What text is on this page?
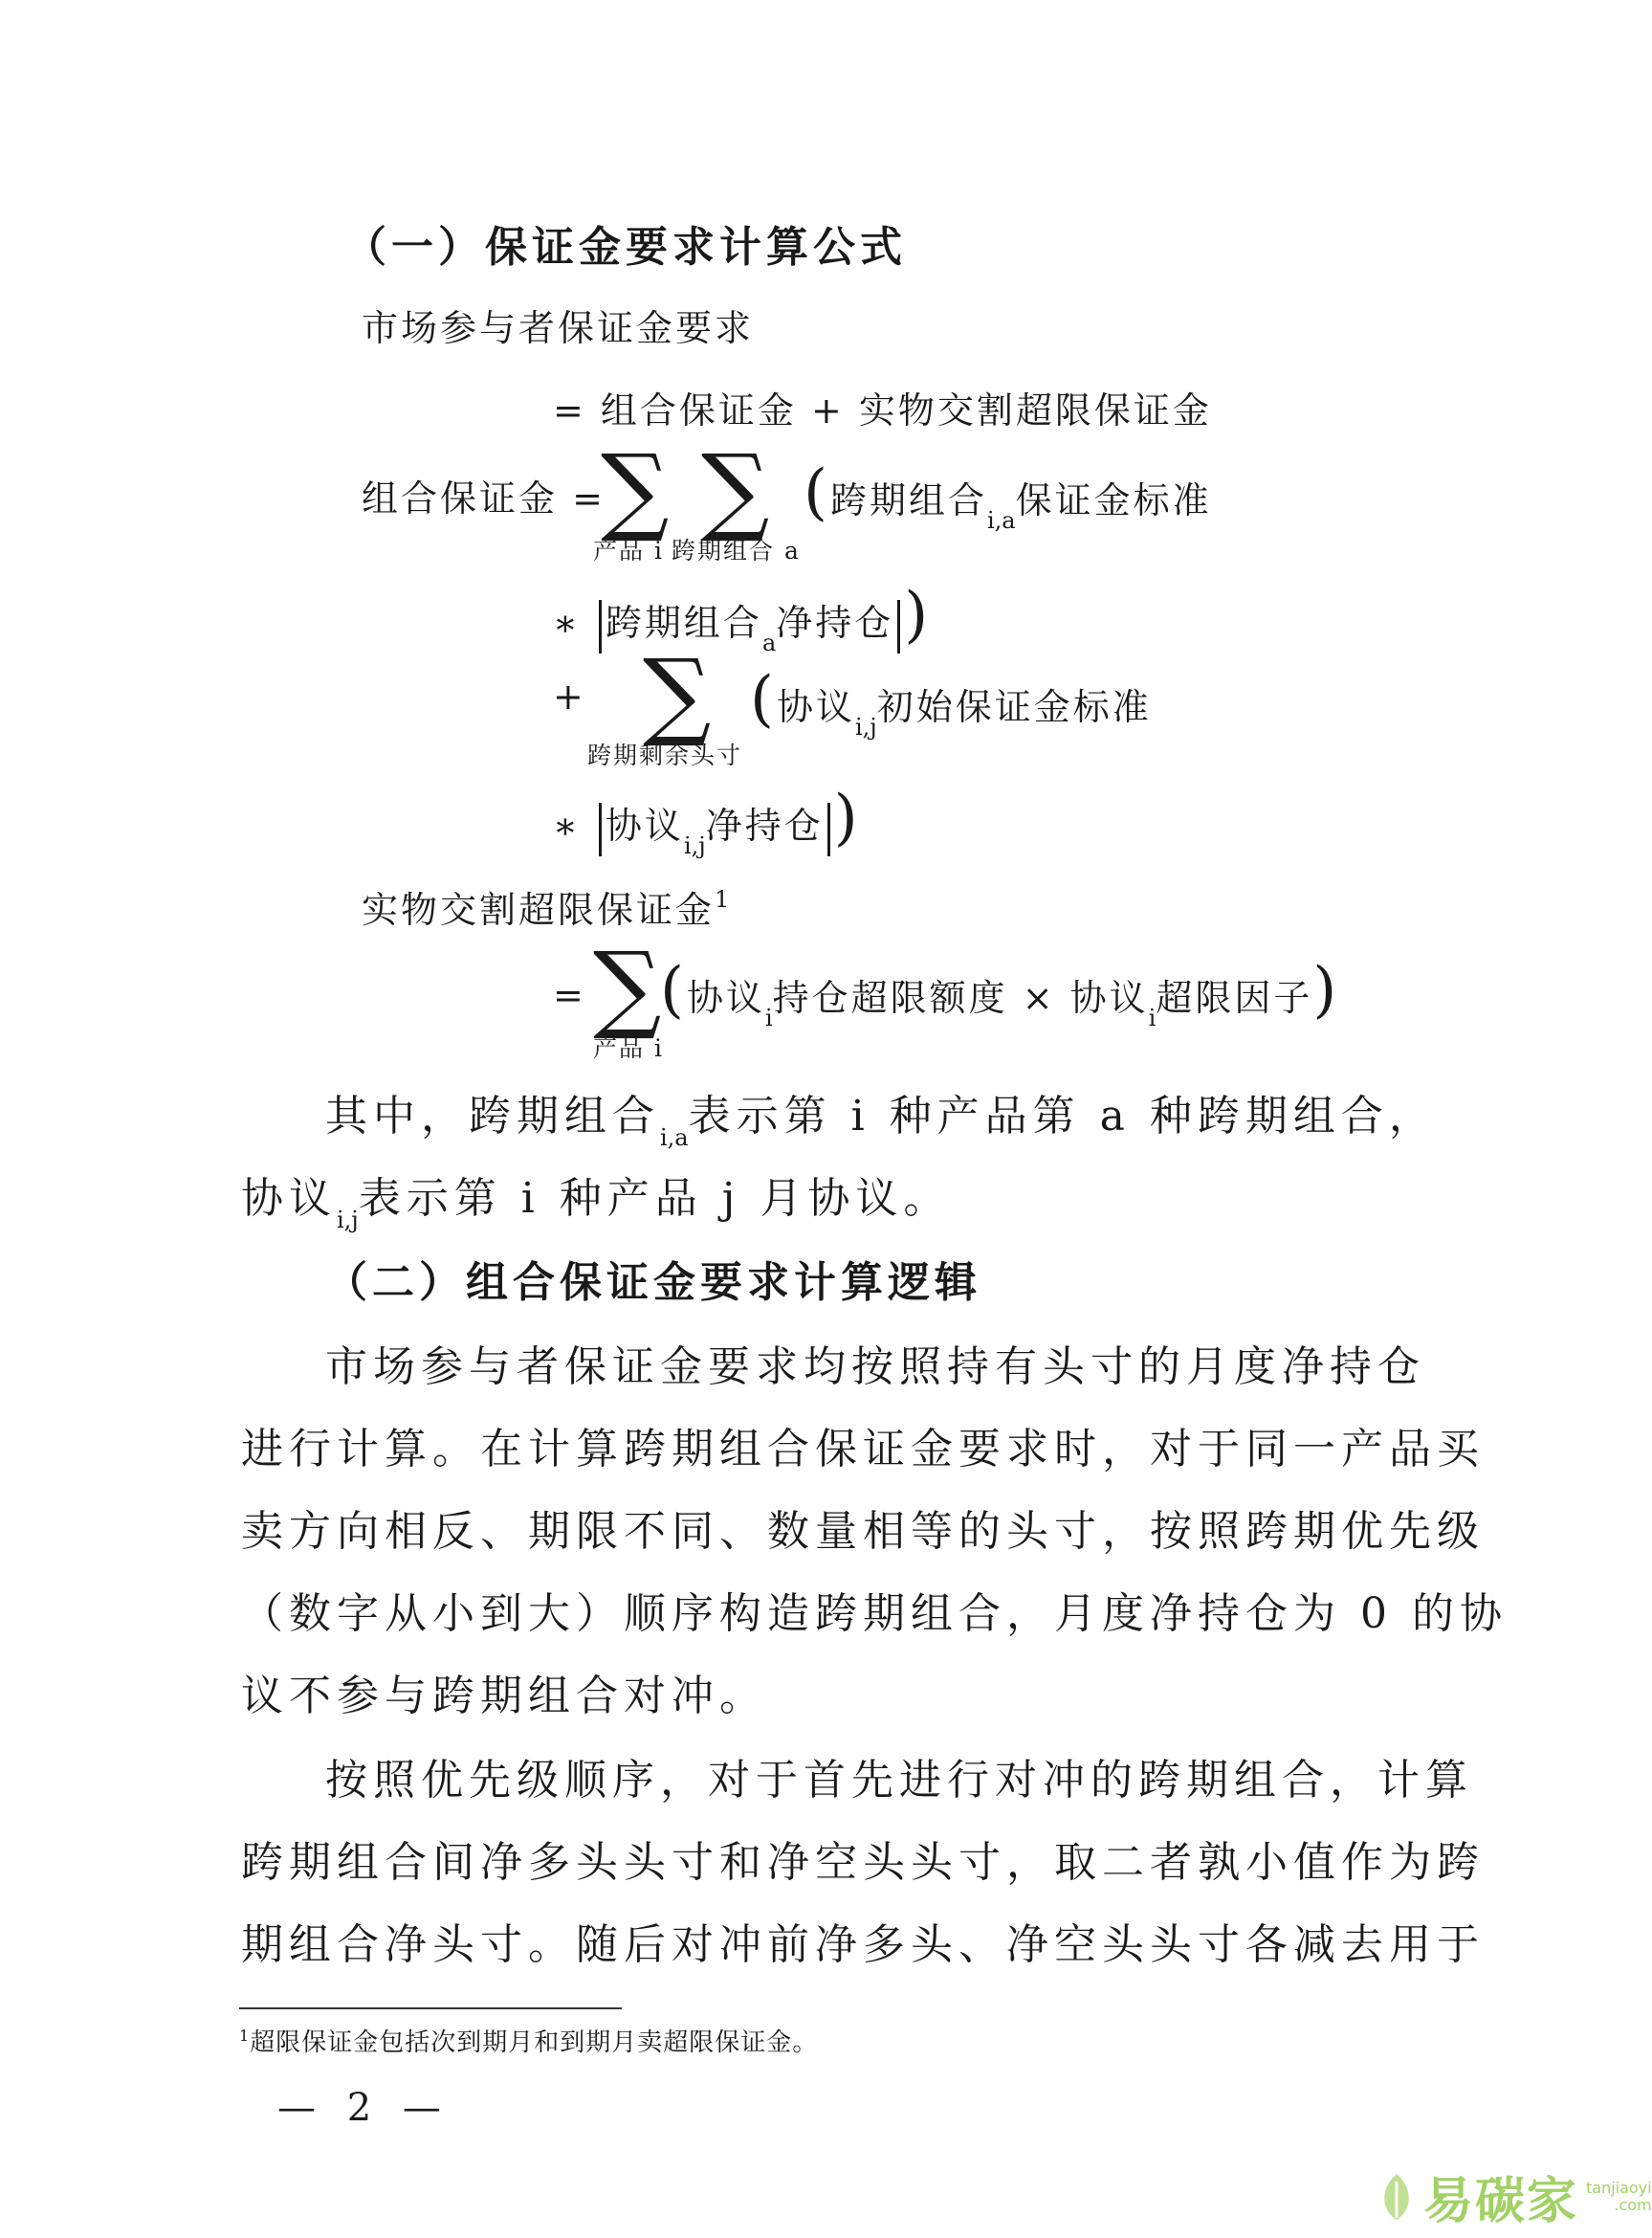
（一）保证金要求计算公式
市场参与者保证金要求
= 组合保证金 + 实物交割超限保证金
组合保证金 =
∑
产品 i
∑
跨期组合 a
(跨期组合$_{i,a}$保证金标准
∗ 跨期组合$_a$净持仓 )
+ ∑
跨期剩余头寸
(协议$_{i,j}$初始保证金标准
∗ 协议$_{i,j}$净持仓 )
实物交割超限保证金$^1$
= ∑
产品 i
(协议$_i$持仓超限额度 × 协议$_i$超限因子)
其中，跨期组合$_{i,a}$表示第 i 种产品第 a 种跨期组合，
协议$_{i,j}$表示第 i 种产品 j 月协议。
（二）组合保证金要求计算逻辑
市场参与者保证金要求均按照持有头寸的月度净持仓
进行计算。在计算跨期组合保证金要求时，对于同一产品买
卖方向相反、期限不同、数量相等的头寸，按照跨期优先级
（数字从小到大）顺序构造跨期组合，月度净持仓为 0 的协
议不参与跨期组合对冲。
按照优先级顺序，对于首先进行对冲的跨期组合，计算
跨期组合间净多头头寸和净空头头寸，取二者孰小值作为跨
期组合净头寸。随后对冲前净多头、净空头头寸各减去用于
$^1$超限保证金包括次到期月和到期月卖超限保证金。
— 2 —
易碳家 tanjiaoyi
.com
